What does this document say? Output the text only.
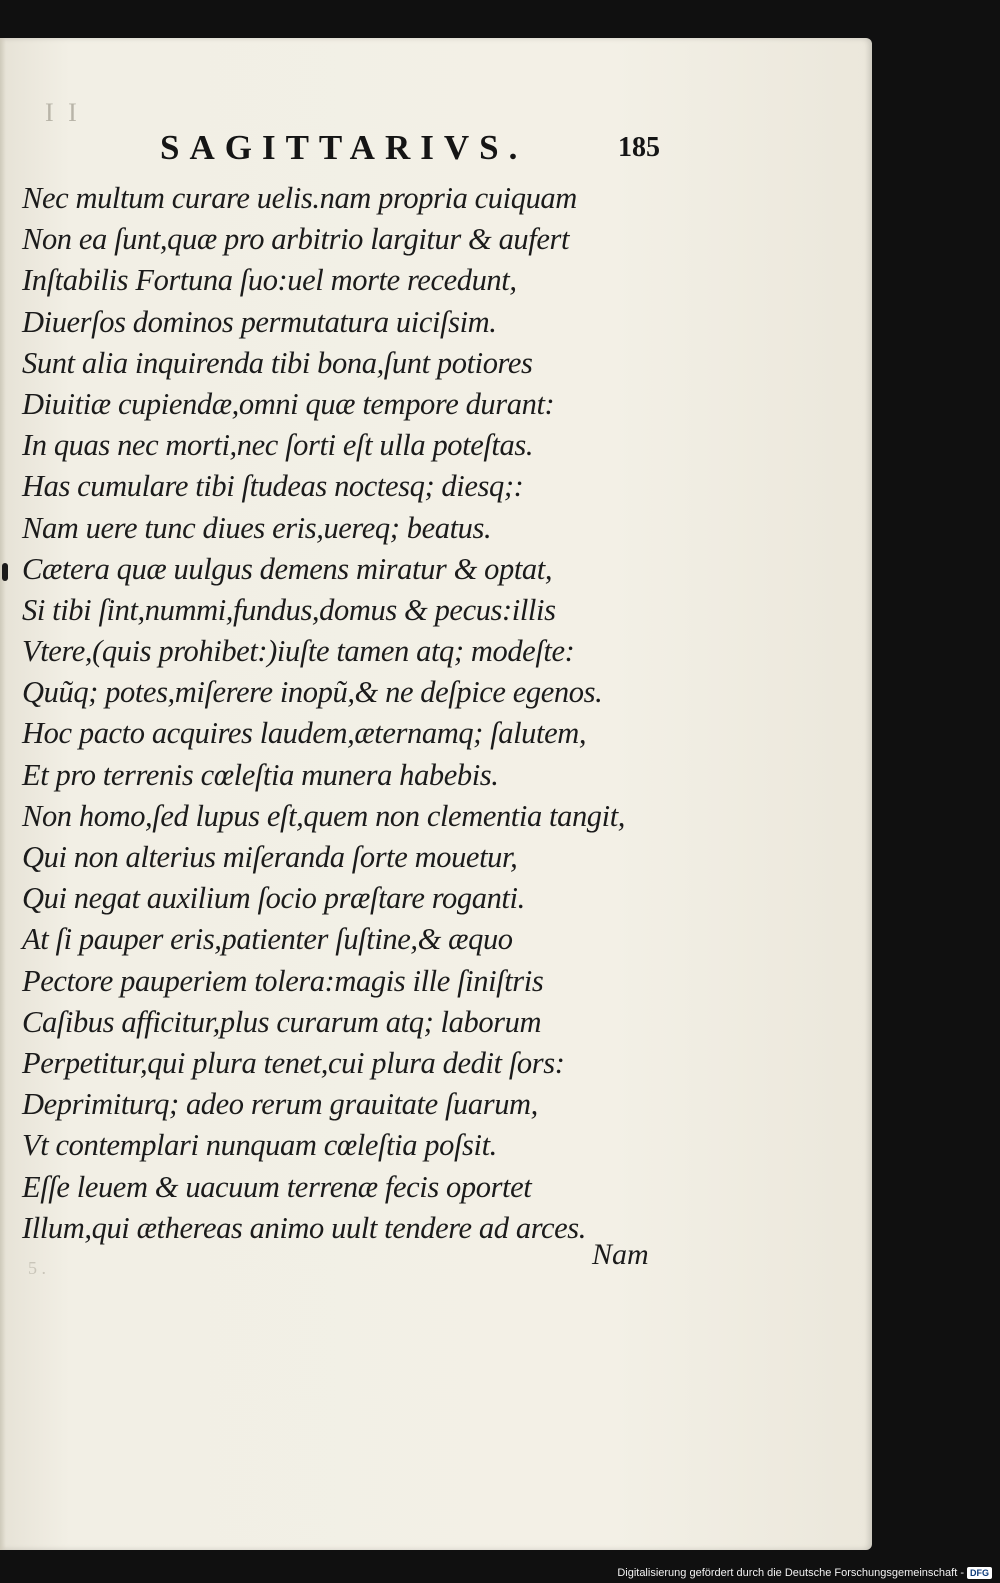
I I
SAGITTARIVS.	185
Nec multum curare uelis.nam propria cuiquam
Non ea ſunt,quæ pro arbitrio largitur & aufert
Inſtabilis Fortuna ſuo:uel morte recedunt,
Diuerſos dominos permutatura uiciſsim.
Sunt alia inquirenda tibi bona,ſunt potiores
Diuitiæ cupiendæ,omni quæ tempore durant:
In quas nec morti,nec ſorti eſt ulla poteſtas.
Has cumulare tibi ſtudeas noctesq; diesq;:
Nam uere tunc diues eris,uereq; beatus.
Cætera quæ uulgus demens miratur & optat,
Si tibi ſint,nummi,fundus,domus & pecus:illis
Vtere,(quis prohibet:)iuſte tamen atq; modeſte:
Quũq; potes,miſerere inopũ,& ne deſpice egenos.
Hoc pacto acquires laudem,æternamq; ſalutem,
Et pro terrenis cœleſtia munera habebis.
Non homo,ſed lupus eſt,quem non clementia tangit,
Qui non alterius miſeranda ſorte mouetur,
Qui negat auxilium ſocio præſtare roganti.
At ſi pauper eris,patienter ſuſtine,& æquo
Pectore pauperiem tolera:magis ille ſiniſtris
Caſibus afficitur,plus curarum atq; laborum
Perpetitur,qui plura tenet,cui plura dedit ſors:
Deprimiturq; adeo rerum grauitate ſuarum,
Vt contemplari nunquam cœleſtia poſsit.
Eſſe leuem & uacuum terrenæ fecis oportet
Illum,qui æthereas animo uult tendere ad arces.
5 .	Nam
Digitalisierung gefördert durch die Deutsche Forschungsgemeinschaft - DFG
